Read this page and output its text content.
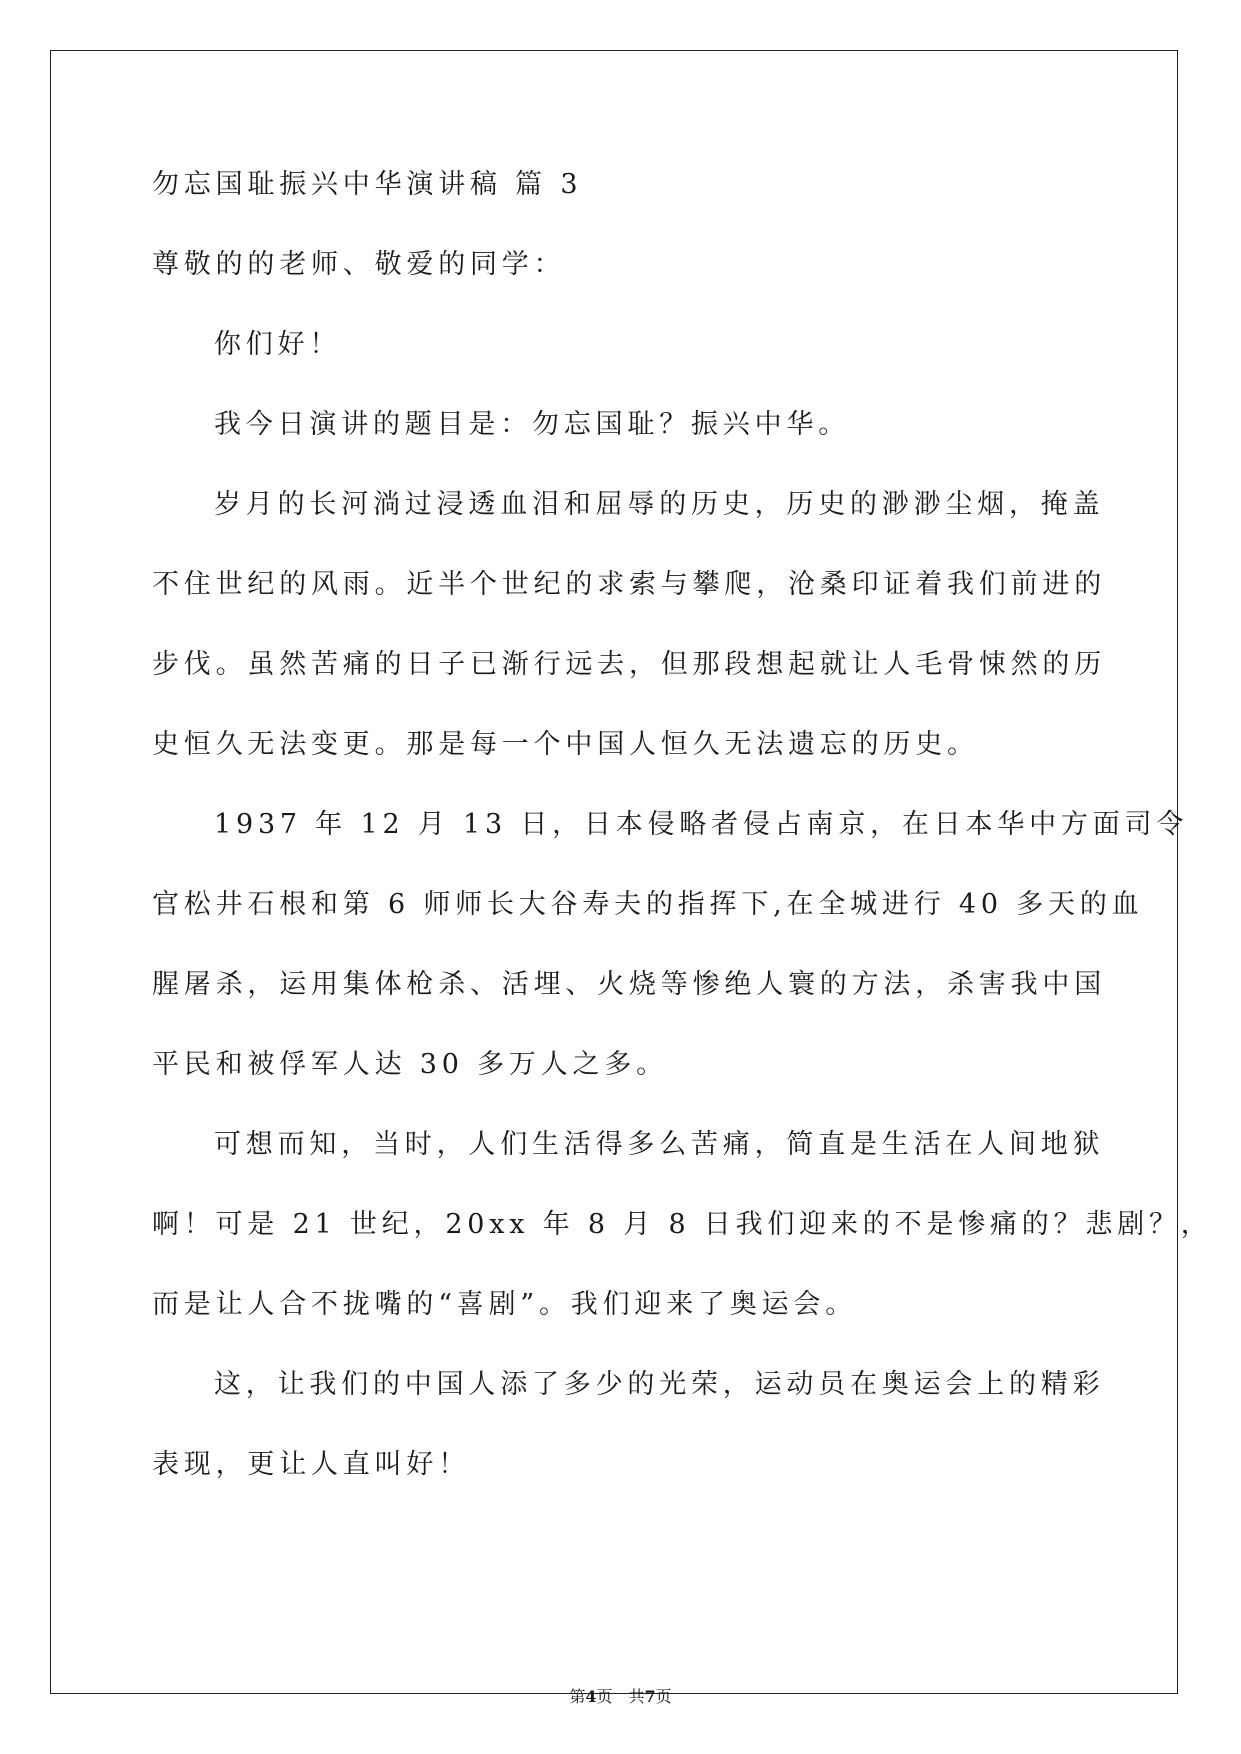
勿忘国耻振兴中华演讲稿 篇 3
尊敬的的老师、敬爱的同学：
你们好！
我今日演讲的题目是：勿忘国耻？振兴中华。
岁月的长河淌过浸透血泪和屈辱的历史，历史的渺渺尘烟，掩盖
不住世纪的风雨。近半个世纪的求索与攀爬，沧桑印证着我们前进的
步伐。虽然苦痛的日子已渐行远去，但那段想起就让人毛骨悚然的历
史恒久无法变更。那是每一个中国人恒久无法遗忘的历史。
1937 年 12 月 13 日，日本侵略者侵占南京，在日本华中方面司令
官松井石根和第 6 师师长大谷寿夫的指挥下,在全城进行 40 多天的血
腥屠杀，运用集体枪杀、活埋、火烧等惨绝人寰的方法，杀害我中国
平民和被俘军人达 30 多万人之多。
可想而知，当时，人们生活得多么苦痛，简直是生活在人间地狱
啊！可是 21 世纪，20xx 年 8 月 8 日我们迎来的不是惨痛的？悲剧？，
而是让人合不拢嘴的“喜剧”。我们迎来了奥运会。
这，让我们的中国人添了多少的光荣，运动员在奥运会上的精彩
表现，更让人直叫好！
第4页 共7页
